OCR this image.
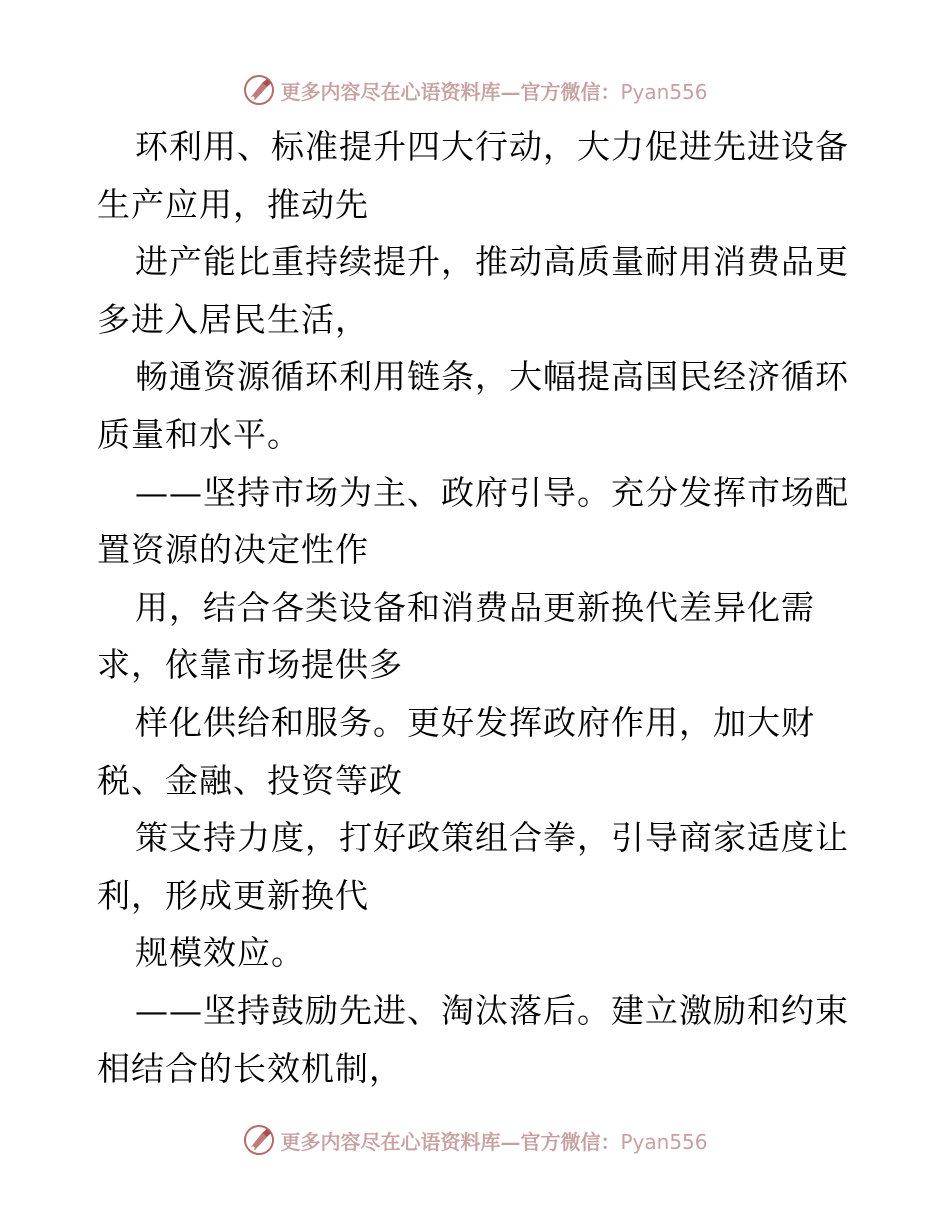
更多内容尽在心语资料库—官方微信：Pyan556
环利用、标准提升四大行动，大力促进先进设备
生产应用，推动先
进产能比重持续提升，推动高质量耐用消费品更
多进入居民生活，
畅通资源循环利用链条，大幅提高国民经济循环
质量和水平。
——坚持市场为主、政府引导。充分发挥市场配
置资源的决定性作
用，结合各类设备和消费品更新换代差异化需
求，依靠市场提供多
样化供给和服务。更好发挥政府作用，加大财
税、金融、投资等政
策支持力度，打好政策组合拳，引导商家适度让
利，形成更新换代
规模效应。
——坚持鼓励先进、淘汰落后。建立激励和约束
相结合的长效机制，
更多内容尽在心语资料库—官方微信：Pyan556
